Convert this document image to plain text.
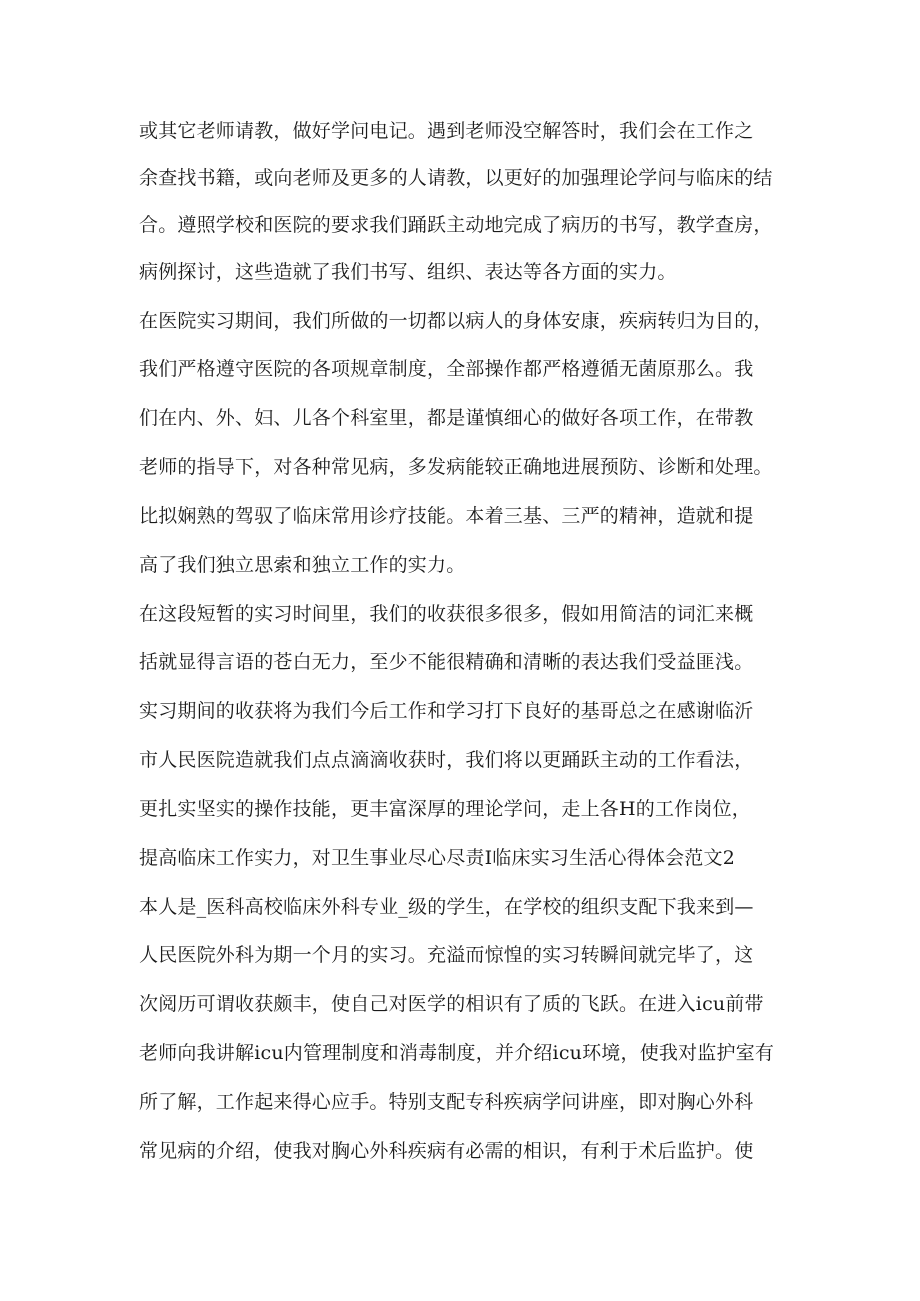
或其它老师请教，做好学问电记。遇到老师没空解答时，我们会在工作之
余查找书籍，或向老师及更多的人请教，以更好的加强理论学问与临床的结
合。遵照学校和医院的要求我们踊跃主动地完成了病历的书写，教学查房，
病例探讨，这些造就了我们书写、组织、表达等各方面的实力。
在医院实习期间，我们所做的一切都以病人的身体安康，疾病转归为目的，
我们严格遵守医院的各项规章制度，全部操作都严格遵循无菌原那么。我
们在内、外、妇、儿各个科室里，都是谨慎细心的做好各项工作，在带教
老师的指导下，对各种常见病，多发病能较正确地进展预防、诊断和处理。
比拟娴熟的驾驭了临床常用诊疗技能。本着三基、三严的精神，造就和提
高了我们独立思索和独立工作的实力。
在这段短暂的实习时间里，我们的收获很多很多，假如用简洁的词汇来概
括就显得言语的苍白无力，至少不能很精确和清晰的表达我们受益匪浅。
实习期间的收获将为我们今后工作和学习打下良好的基哥总之在感谢临沂
市人民医院造就我们点点滴滴收获时，我们将以更踊跃主动的工作看法，
更扎实坚实的操作技能，更丰富深厚的理论学问，走上各H的工作岗位，
提高临床工作实力，对卫生事业尽心尽责I临床实习生活心得体会范文2
本人是_医科高校临床外科专业_级的学生，在学校的组织支配下我来到—
人民医院外科为期一个月的实习。充溢而惊惶的实习转瞬间就完毕了，这
次阅历可谓收获颇丰，使自己对医学的相识有了质的飞跃。在进入icu前带
老师向我讲解icu内管理制度和消毒制度，并介绍icu环境，使我对监护室有
所了解，工作起来得心应手。特别支配专科疾病学问讲座，即对胸心外科
常见病的介绍，使我对胸心外科疾病有必需的相识，有利于术后监护。使
